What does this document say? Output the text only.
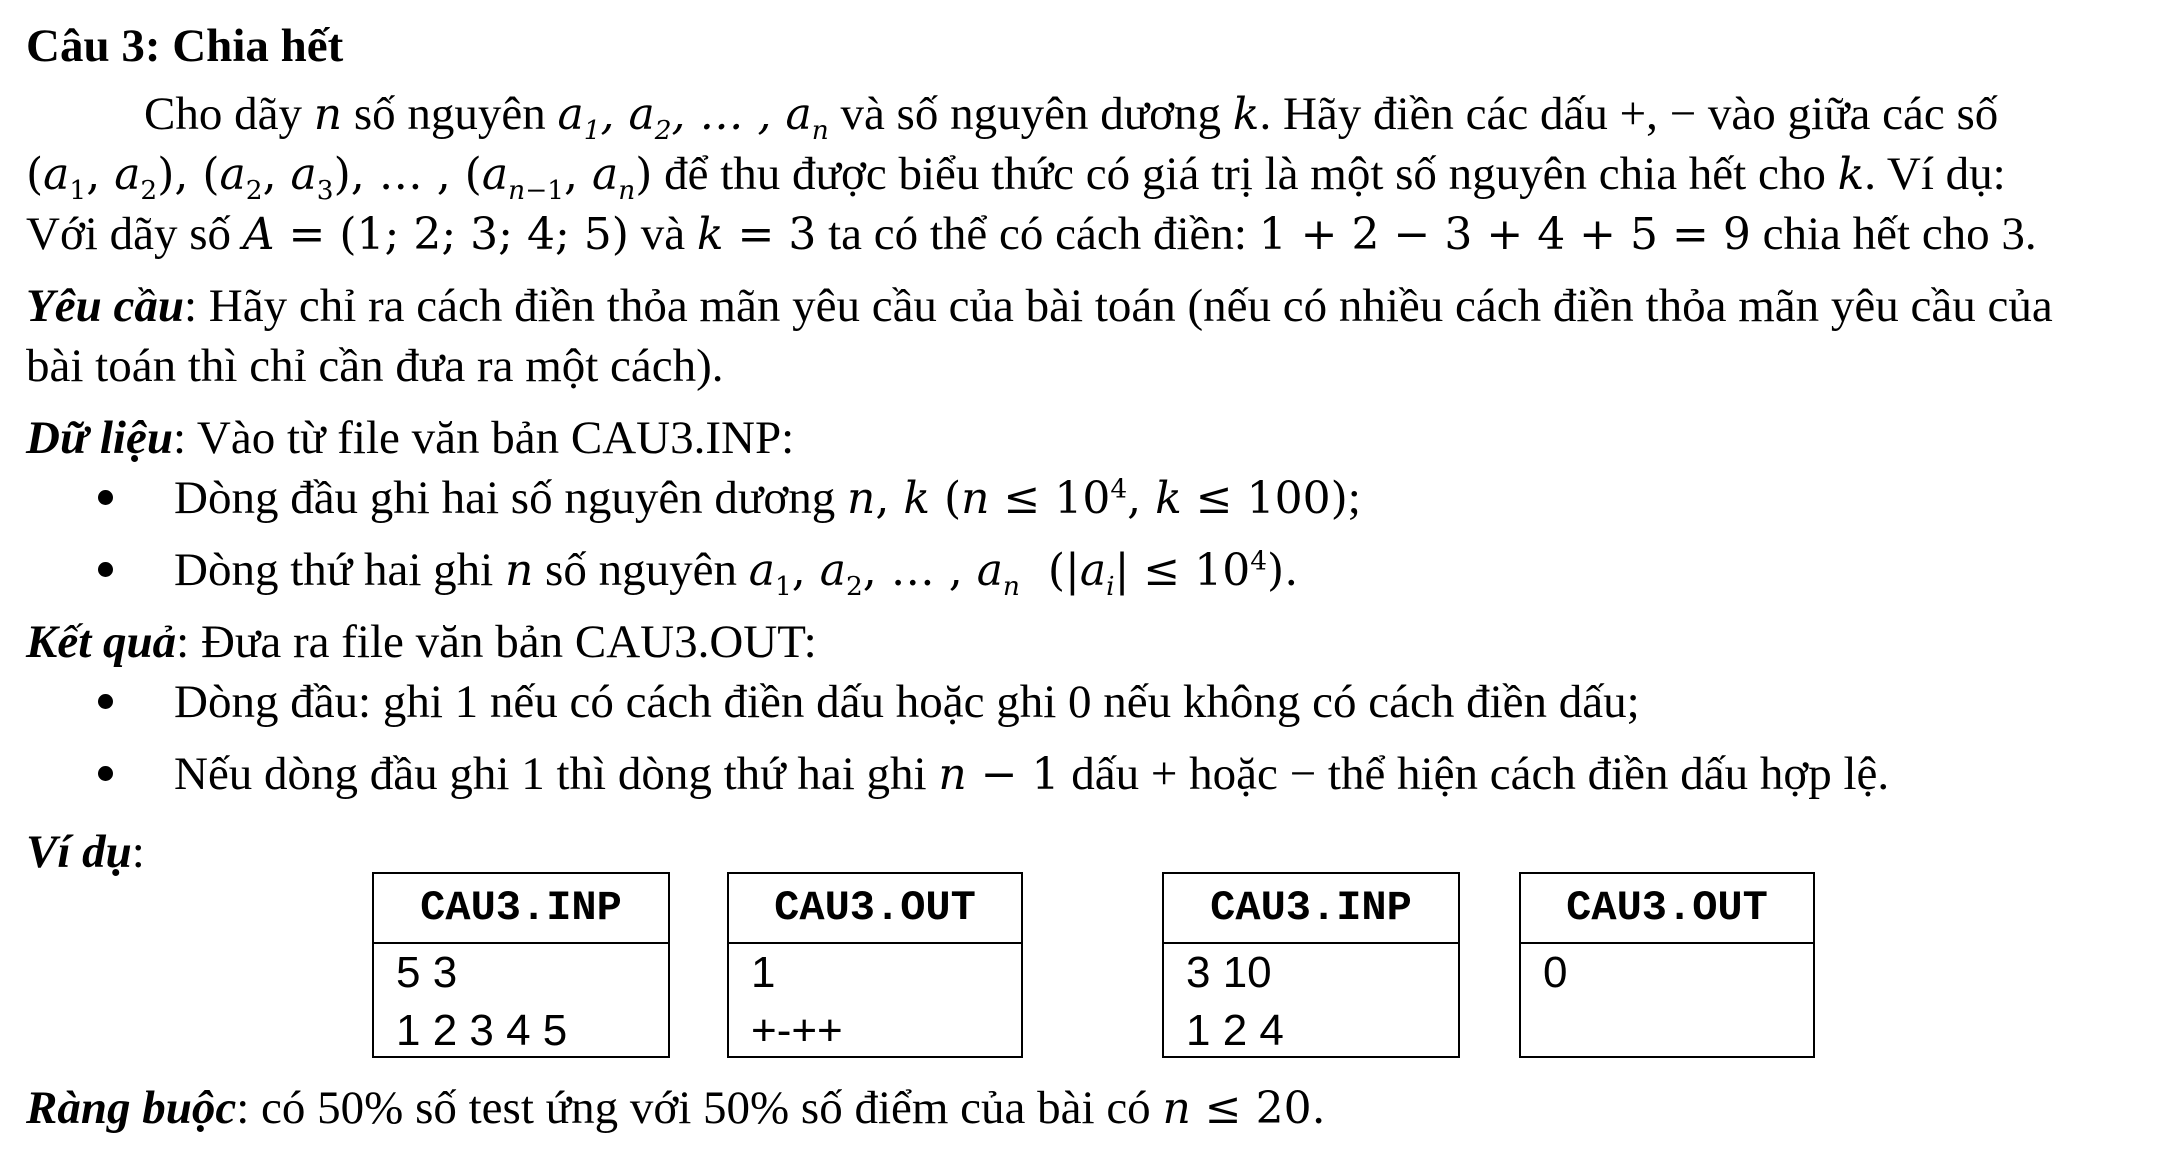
Câu 3: Chia hết
Cho dãy n số nguyên $a_1$, $a_2$, … , $a_n$ và số nguyên dương k. Hãy điền các dấu +, − vào giữa các số
($a_1$, $a_2$), ($a_2$, $a_3$), … , ($a_{n-1}$, $a_n$) để thu được biểu thức có giá trị là một số nguyên chia hết cho k. Ví dụ:
Với dãy số A = (1; 2; 3; 4; 5) và k = 3 ta có thể có cách điền: 1 + 2 − 3 + 4 + 5 = 9 chia hết cho 3.
Yêu cầu: Hãy chỉ ra cách điền thỏa mãn yêu cầu của bài toán (nếu có nhiều cách điền thỏa mãn yêu cầu của
bài toán thì chỉ cần đưa ra một cách).
Dữ liệu: Vào từ file văn bản CAU3.INP:
Dòng đầu ghi hai số nguyên dương n, k ($n \le 10^4$, k ≤ 100);
Dòng thứ hai ghi n số nguyên $a_1$, $a_2$, … , $a_n$  $(|a_i| \le 10^4)$.
Kết quả: Đưa ra file văn bản CAU3.OUT:
Dòng đầu: ghi 1 nếu có cách điền dấu hoặc ghi 0 nếu không có cách điền dấu;
Nếu dòng đầu ghi 1 thì dòng thứ hai ghi n − 1 dấu + hoặc − thể hiện cách điền dấu hợp lệ.
Ví dụ:
CAU3.INP
5 3
1 2 3 4 5
CAU3.OUT
1
+-++
CAU3.INP
3 10
1 2 4
CAU3.OUT
0
Ràng buộc: có 50% số test ứng với 50% số điểm của bài có n ≤ 20.
